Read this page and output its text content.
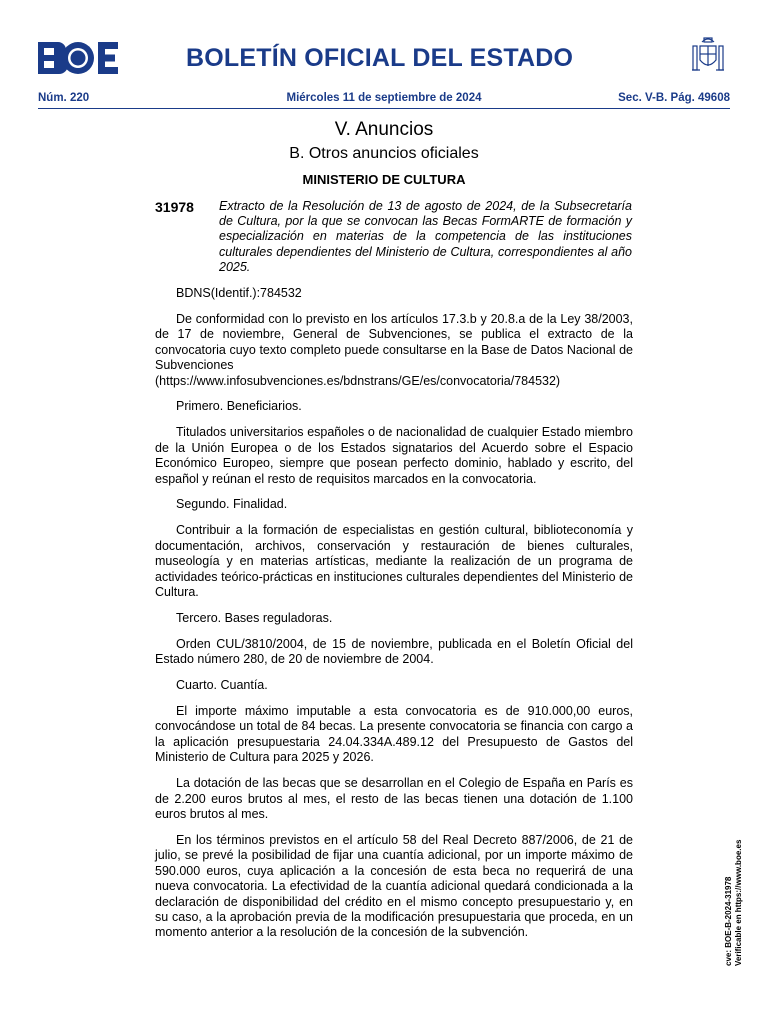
BOLETÍN OFICIAL DEL ESTADO
Núm. 220	Miércoles 11 de septiembre de 2024	Sec. V-B. Pág. 49608
V. Anuncios
B. Otros anuncios oficiales
MINISTERIO DE CULTURA
31978 Extracto de la Resolución de 13 de agosto de 2024, de la Subsecretaría de Cultura, por la que se convocan las Becas FormARTE de formación y especialización en materias de la competencia de las instituciones culturales dependientes del Ministerio de Cultura, correspondientes al año 2025.

BDNS(Identif.):784532

De conformidad con lo previsto en los artículos 17.3.b y 20.8.a de la Ley 38/2003, de 17 de noviembre, General de Subvenciones, se publica el extracto de la convocatoria cuyo texto completo puede consultarse en la Base de Datos Nacional de Subvenciones (https://www.infosubvenciones.es/bdnstrans/GE/es/convocatoria/784532)

Primero. Beneficiarios.

Titulados universitarios españoles o de nacionalidad de cualquier Estado miembro de la Unión Europea o de los Estados signatarios del Acuerdo sobre el Espacio Económico Europeo, siempre que posean perfecto dominio, hablado y escrito, del español y reúnan el resto de requisitos marcados en la convocatoria.

Segundo. Finalidad.

Contribuir a la formación de especialistas en gestión cultural, biblioteconomía y documentación, archivos, conservación y restauración de bienes culturales, museología y en materias artísticas, mediante la realización de un programa de actividades teórico-prácticas en instituciones culturales dependientes del Ministerio de Cultura.

Tercero. Bases reguladoras.

Orden CUL/3810/2004, de 15 de noviembre, publicada en el Boletín Oficial del Estado número 280, de 20 de noviembre de 2004.

Cuarto. Cuantía.

El importe máximo imputable a esta convocatoria es de 910.000,00 euros, convocándose un total de 84 becas. La presente convocatoria se financia con cargo a la aplicación presupuestaria 24.04.334A.489.12 del Presupuesto de Gastos del Ministerio de Cultura para 2025 y 2026.

La dotación de las becas que se desarrollan en el Colegio de España en París es de 2.200 euros brutos al mes, el resto de las becas tienen una dotación de 1.100 euros brutos al mes.

En los términos previstos en el artículo 58 del Real Decreto 887/2006, de 21 de julio, se prevé la posibilidad de fijar una cuantía adicional, por un importe máximo de 590.000 euros, cuya aplicación a la concesión de esta beca no requerirá de una nueva convocatoria. La efectividad de la cuantía adicional quedará condicionada a la declaración de disponibilidad del crédito en el mismo concepto presupuestario y, en su caso, a la aprobación previa de la modificación presupuestaria que proceda, en un momento anterior a la resolución de la concesión de la subvención.	cve: BOE-B-2024-31978 Verificable en https://www.boe.es
